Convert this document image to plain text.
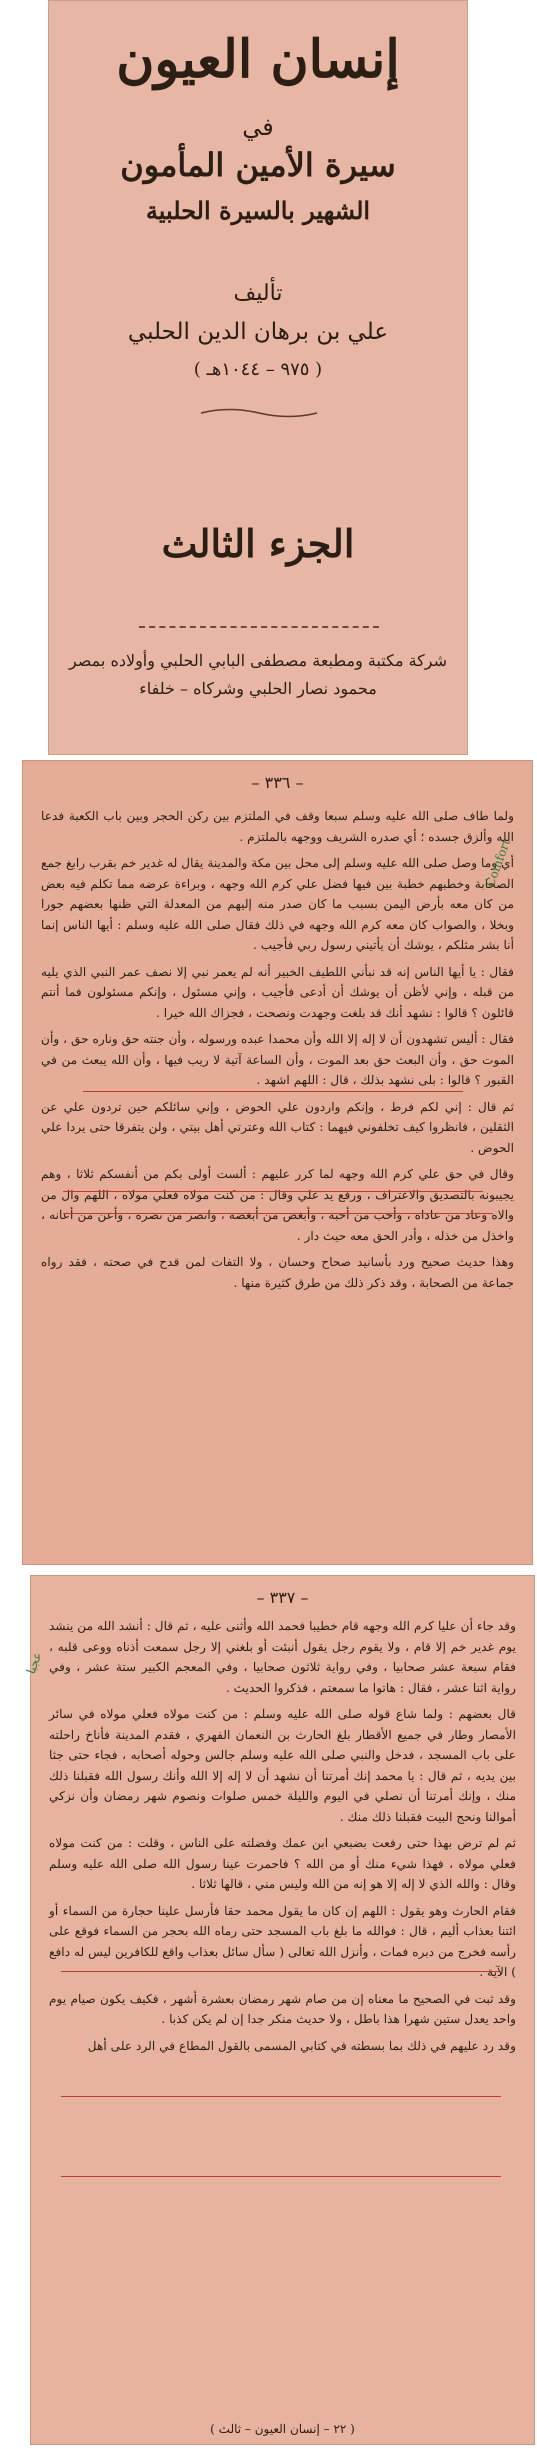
إنسان العيون
في
سيرة الأمين المأمون
الشهير بالسيرة الحلبية
تأليف
علي بن برهان الدين الحلبي
( ٩٧٥ – ١٠٤٤هـ )
الجزء الثالث
شركة مكتبة ومطبعة مصطفى البابي الحلبي وأولاده بمصر
محمود نصار الحلبي وشركاه – خلفاء
– ٣٣٦ –

ولما طاف صلى الله عليه وسلم سبعا وقف في الملتزم بين ركن الحجر وبين باب الكعبة فدعا الله وألزق جسده ؛ أي صدره الشريف ووجهه بالملتزم .

أي وما وصل صلى الله عليه وسلم إلى محل بين مكة والمدينة يقال له غدير خم بقرب رابغ جمع الصحابة وخطبهم خطبة بين فيها فضل علي كرم الله وجهه ، وبراءة عرضه مما تكلم فيه بعض من كان معه بأرض اليمن بسبب ما كان صدر منه إليهم من المعدلة التي ظنها بعضهم جورا وبخلا ، والصواب كان معه كرم الله وجهه في ذلك فقال صلى الله عليه وسلم : أيها الناس إنما أنا بشر مثلكم ، يوشك أن يأتيني رسول ربي فأجيب .

فقال : يا أيها الناس إنه قد نبأني اللطيف الخبير أنه لم يعمر نبي إلا نصف عمر النبي الذي يليه من قبله ، وإني لأظن أن يوشك أن أدعى فأجيب ، وإني مسئول ، وإنكم مسئولون فما أنتم قائلون ؟ قالوا : نشهد أنك قد بلغت وجهدت ونصحت ، فجزاك الله خيرا .

فقال : أليس تشهدون أن لا إله إلا الله وأن محمدا عبده ورسوله ، وأن جنته حق وناره حق ، وأن الموت حق ، وأن البعث حق بعد الموت ، وأن الساعة آتية لا ريب فيها ، وأن الله يبعث من في القبور ؟ قالوا : بلى نشهد بذلك ، قال : اللهم اشهد .

ثم قال : إني لكم فرط ، وإنكم واردون علي الحوض ، وإني سائلكم حين تردون علي عن الثقلين ، فانظروا كيف تخلفوني فيهما : كتاب الله وعترتي أهل بيتي ، ولن يتفرقا حتى يردا علي الحوض .

وقال في حق علي كرم الله وجهه لما كرر عليهم : ألست أولى بكم من أنفسكم ثلاثا ، وهم يجيبونه بالتصديق والاعتراف ، ورفع يد علي وقال : من كنت مولاه فعلي مولاه ، اللهم وال من والاه وعاد من عاداه ، وأحب من أحبه ، وأبغض من أبغضه ، وانصر من نصره ، وأعن من أعانه ، واخذل من خذله ، وأدر الحق معه حيث دار .

وهذا حديث صحيح ورد بأسانيد صحاح وحسان ، ولا التفات لمن قدح في صحته ، فقد رواه جماعة من الصحابة ، وقد ذكر ذلك من طرق كثيرة منها .

Comfort
– ٣٣٧ –

وقد جاء أن عليا كرم الله وجهه قام خطيبا فحمد الله وأثنى عليه ، ثم قال : أنشد الله من ينشد يوم غدير خم إلا قام ، ولا يقوم رجل يقول أنبئت أو بلغني إلا رجل سمعت أذناه ووعى قلبه ، فقام سبعة عشر صحابيا ، وفي رواية ثلاثون صحابيا ، وفي المعجم الكبير ستة عشر ، وفي رواية اثنا عشر ، فقال : هاتوا ما سمعتم ، فذكروا الحديث .

قال بعضهم : ولما شاع قوله صلى الله عليه وسلم : من كنت مولاه فعلي مولاه في سائر الأمصار وطار في جميع الأقطار بلغ الحارث بن النعمان الفهري ، فقدم المدينة فأناخ راحلته على باب المسجد ، فدخل والنبي صلى الله عليه وسلم جالس وحوله أصحابه ، فجاء حتى جثا بين يديه ، ثم قال : يا محمد إنك أمرتنا أن نشهد أن لا إله إلا الله وأنك رسول الله فقبلنا ذلك منك ، وإنك أمرتنا أن نصلي في اليوم والليلة خمس صلوات ونصوم شهر رمضان وأن نزكي أموالنا ونحج البيت فقبلنا ذلك منك .

ثم لم ترض بهذا حتى رفعت بضبعي ابن عمك وفضلته على الناس ، وقلت : من كنت مولاه فعلي مولاه ، فهذا شيء منك أو من الله ؟ فاحمرت عينا رسول الله صلى الله عليه وسلم وقال : والله الذي لا إله إلا هو إنه من الله وليس مني ، قالها ثلاثا .

فقام الحارث وهو يقول : اللهم إن كان ما يقول محمد حقا فأرسل علينا حجارة من السماء أو ائتنا بعذاب أليم ، قال : فوالله ما بلغ باب المسجد حتى رماه الله بحجر من السماء فوقع على رأسه فخرج من دبره فمات ، وأنزل الله تعالى ( سأل سائل بعذاب واقع للكافرين ليس له دافع ) الآية .

وقد ثبت في الصحيح ما معناه إن من صام شهر رمضان بعشرة أشهر ، فكيف يكون صيام يوم واحد يعدل ستين شهرا هذا باطل ، ولا حديث منكر جدا إن لم يكن كذبا .

وقد رد عليهم في ذلك بما بسطته في كتابي المسمى بالقول المطاع في الرد على أهل

عجبا
( ٢٢ – إنسان العيون – ثالث )
